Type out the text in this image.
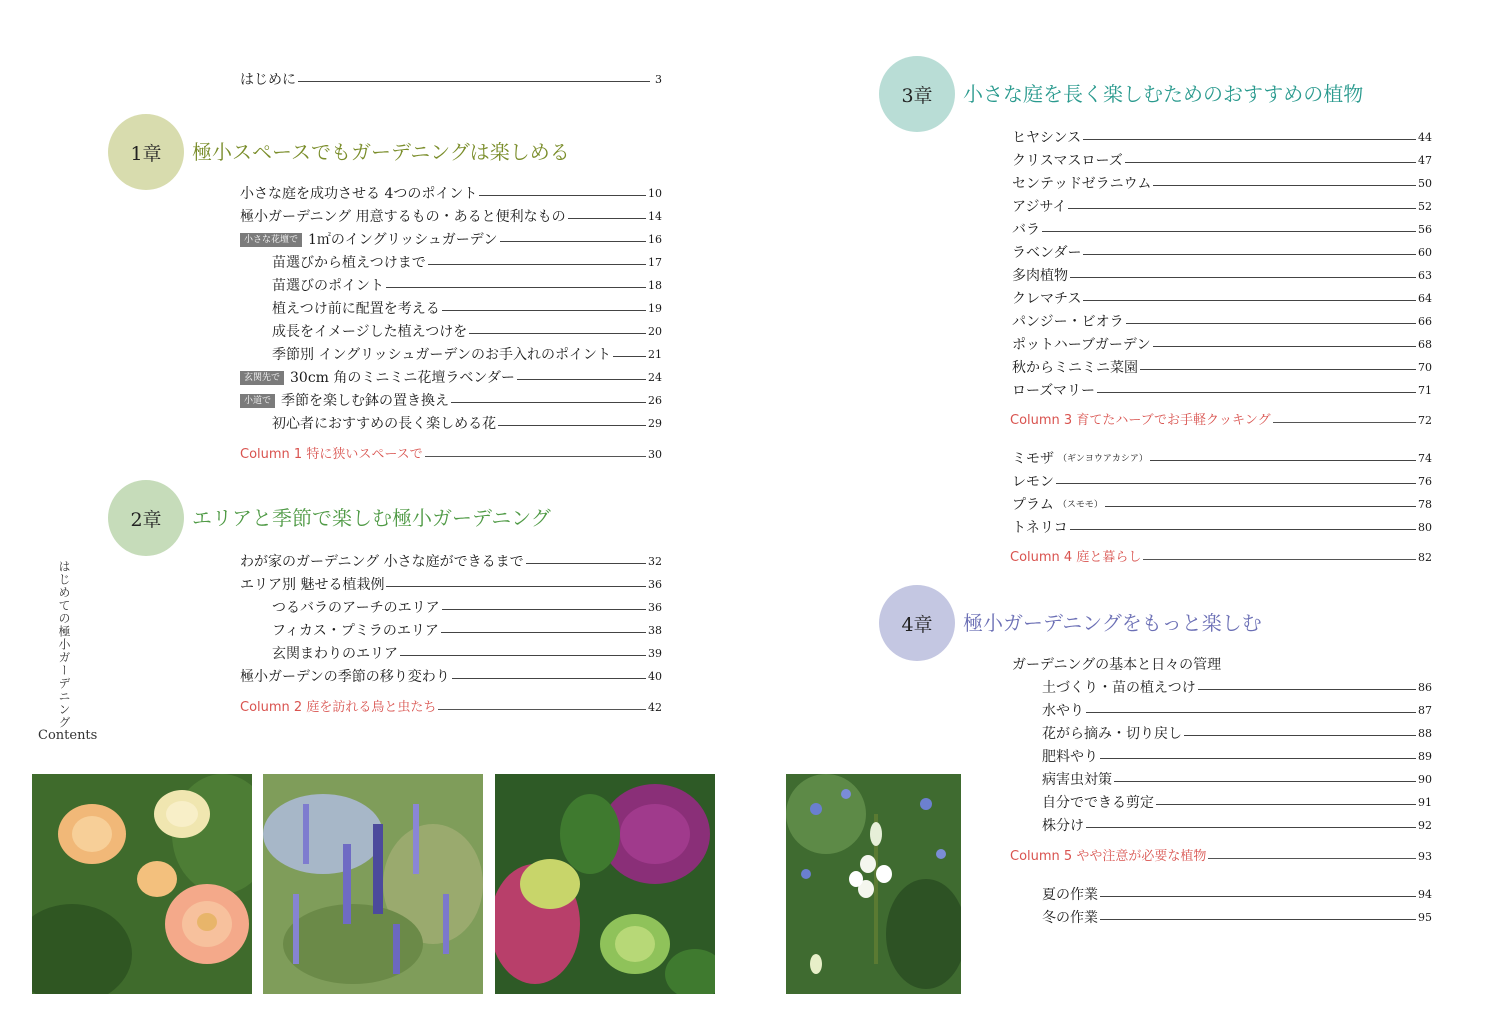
はじめての極小ガーデニング
Contents
はじめに	3
1章	極小スペースでもガーデニングは楽しめる
小さな庭を成功させる 4つのポイント	10
極小ガーデニング 用意するもの・あると便利なもの	14
小さな花壇で 1㎡のイングリッシュガーデン	16
苗選びから植えつけまで	17
苗選びのポイント	18
植えつけ前に配置を考える	19
成長をイメージした植えつけを	20
季節別 イングリッシュガーデンのお手入れのポイント	21
玄関先で 30cm 角のミニミニ花壇ラベンダー	24
小道で 季節を楽しむ鉢の置き換え	26
初心者におすすめの長く楽しめる花	29
Column 1 特に狭いスペースで	30
2章	エリアと季節で楽しむ極小ガーデニング
わが家のガーデニング 小さな庭ができるまで	32
エリア別 魅せる植栽例	36
つるバラのアーチのエリア	36
フィカス・プミラのエリア	38
玄関まわりのエリア	39
極小ガーデンの季節の移り変わり	40
Column 2 庭を訪れる鳥と虫たち	42
3章	小さな庭を長く楽しむためのおすすめの植物
ヒヤシンス	44
クリスマスローズ	47
センテッドゼラニウム	50
アジサイ	52
バラ	56
ラベンダー	60
多肉植物	63
クレマチス	64
パンジー・ビオラ	66
ポットハーブガーデン	68
秋からミニミニ菜園	70
ローズマリー	71
Column 3 育てたハーブでお手軽クッキング	72
ミモザ （ギンヨウアカシア）	74
レモン	76
プラム （スモモ）	78
トネリコ	80
Column 4 庭と暮らし	82
4章	極小ガーデニングをもっと楽しむ
ガーデニングの基本と日々の管理
土づくり・苗の植えつけ	86
水やり	87
花がら摘み・切り戻し	88
肥料やり	89
病害虫対策	90
自分でできる剪定	91
株分け	92
Column 5 やや注意が必要な植物	93
夏の作業	94
冬の作業	95
